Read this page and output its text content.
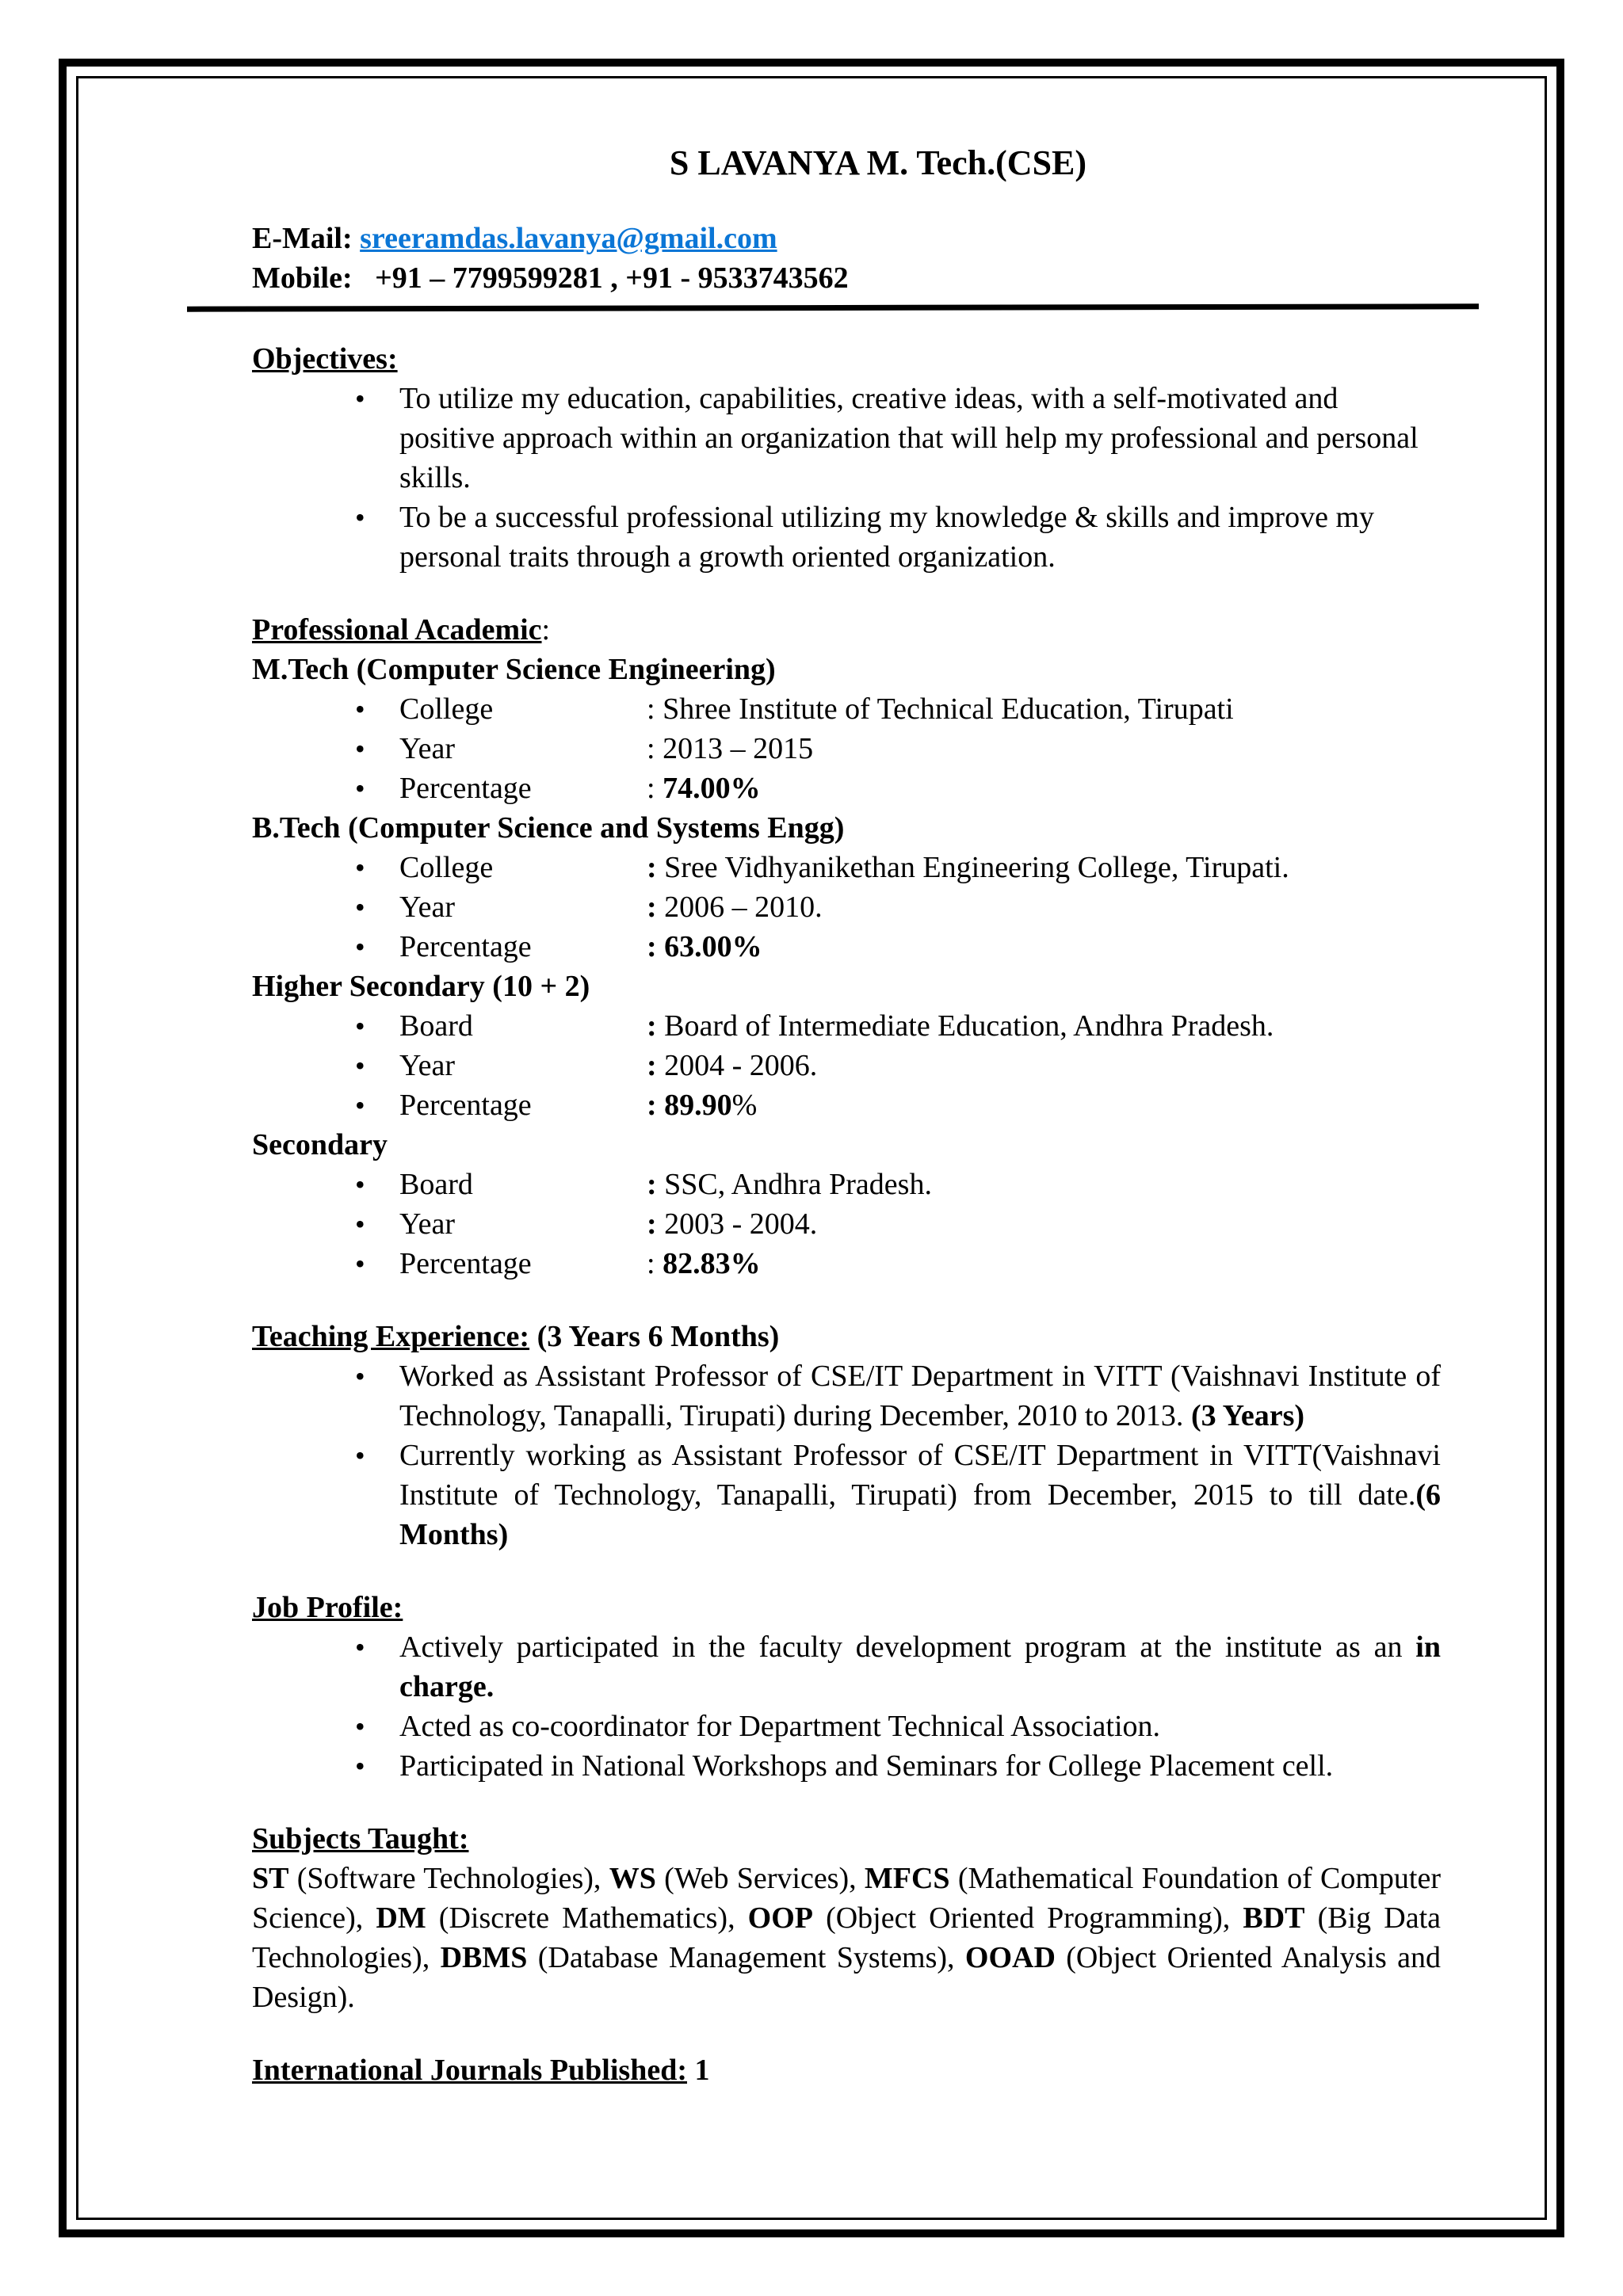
S LAVANYA M. Tech.(CSE)
E-Mail: sreeramdas.lavanya@gmail.com
Mobile: +91 – 7799599281 , +91 - 9533743562
Objectives:
• To utilize my education, capabilities, creative ideas, with a self-motivated and positive approach within an organization that will help my professional and personal skills.
• To be a successful professional utilizing my knowledge & skills and improve my personal traits through a growth oriented organization.
Professional Academic:
M.Tech (Computer Science Engineering)
• College	:
Shree Institute of Technical Education, Tirupati
• Year	:
2013 – 2015
• Percentage	:
74.00%
B.Tech (Computer Science and Systems Engg)
• College	:
Sree Vidhyanikethan Engineering College, Tirupati.
• Year	:
2006 – 2010.
• Percentage	:
63.00%
Higher Secondary (10 + 2)
• Board	:
Board of Intermediate Education, Andhra Pradesh.
• Year	:
2004 - 2006.
• Percentage	:
89.90 %
Secondary
• Board	:
SSC, Andhra Pradesh.
• Year	:
2003 - 2004.
• Percentage	:
82.83%
Teaching Experience: (3 Years 6 Months)
• Worked as Assistant Professor of CSE/IT Department in VITT (Vaishnavi Institute of Technology, Tanapalli, Tirupati) during December, 2010 to 2013. (3 Years)
• Currently working as Assistant Professor of CSE/IT Department in VITT(Vaishnavi Institute of Technology, Tanapalli, Tirupati) from December, 2015 to till date.(6 Months)
Job Profile:
• Actively participated in the faculty development program at the institute as an in charge.
• Acted as co-coordinator for Department Technical Association.
• Participated in National Workshops and Seminars for College Placement cell.
Subjects Taught:
ST (Software Technologies), WS (Web Services), MFCS (Mathematical Foundation of Computer Science), DM (Discrete Mathematics), OOP (Object Oriented Programming), BDT (Big Data Technologies), DBMS (Database Management Systems), OOAD (Object Oriented Analysis and Design).
International Journals Published: 1
